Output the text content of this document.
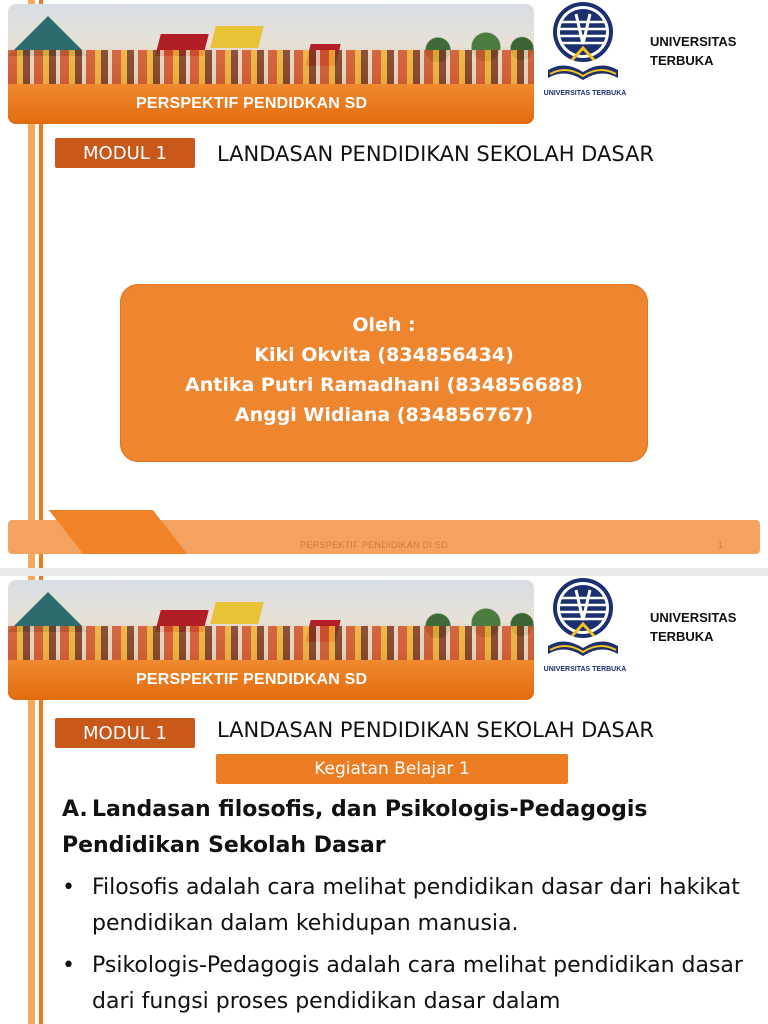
PERSPEKTIF PENDIDKAN SD
UNIVERSITAS TERBUKA
UNIVERSITAS
TERBUKA
MODUL 1	LANDASAN PENDIDIKAN SEKOLAH DASAR
Oleh :
Kiki Okvita (834856434)
Antika Putri Ramadhani (834856688)
Anggi Widiana (834856767)
PERSPEKTIF PENDIDIKAN DI SD	1
PERSPEKTIF PENDIDKAN SD
UNIVERSITAS TERBUKA
UNIVERSITAS
TERBUKA
MODUL 1	LANDASAN PENDIDIKAN SEKOLAH DASAR
Kegiatan Belajar 1
A. Landasan filosofis, dan Psikologis-Pedagogis Pendidikan Sekolah Dasar
• Filosofis adalah cara melihat pendidikan dasar dari hakikat pendidikan dalam kehidupan manusia.
• Psikologis-Pedagogis adalah cara melihat pendidikan dasar dari fungsi proses pendidikan dasar dalam
